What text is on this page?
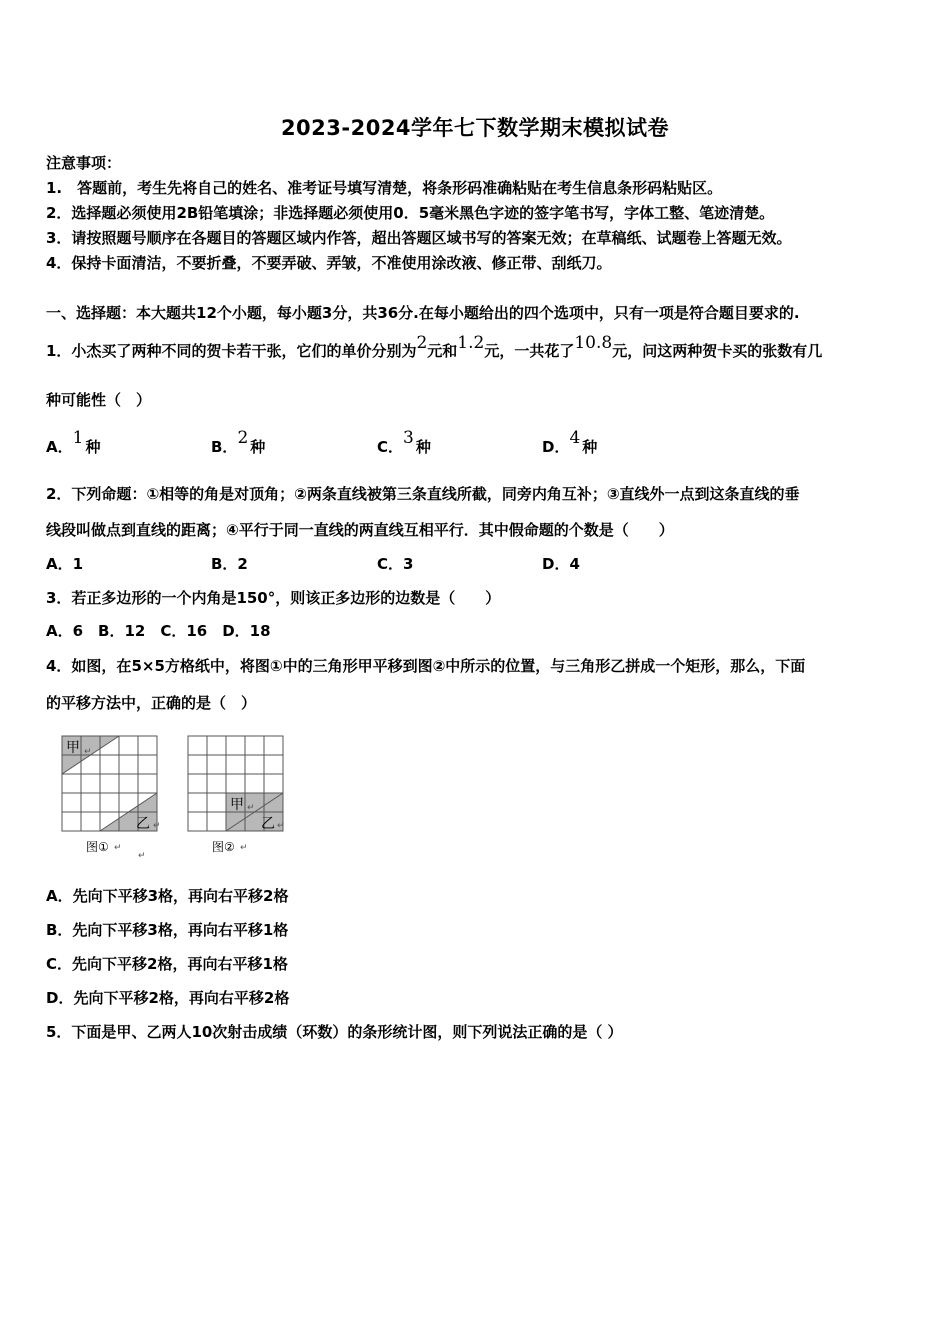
2023-2024学年七下数学期末模拟试卷
注意事项：
1.　答题前，考生先将自己的姓名、准考证号填写清楚，将条形码准确粘贴在考生信息条形码粘贴区。
2．选择题必须使用2B铅笔填涂；非选择题必须使用0．5毫米黑色字迹的签字笔书写，字体工整、笔迹清楚。
3．请按照题号顺序在各题目的答题区域内作答，超出答题区域书写的答案无效；在草稿纸、试题卷上答题无效。
4．保持卡面清洁，不要折叠，不要弄破、弄皱，不准使用涂改液、修正带、刮纸刀。
一、选择题：本大题共12个小题，每小题3分，共36分.在每小题给出的四个选项中，只有一项是符合题目要求的.
1．小杰买了两种不同的贺卡若干张，它们的单价分别为2元和1.2元，一共花了10.8元，问这两种贺卡买的张数有几
种可能性（　）
A．1 种	B．2 种	C．3 种	D．4 种
2．下列命题：①相等的角是对顶角；②两条直线被第三条直线所截，同旁内角互补；③直线外一点到这条直线的垂
线段叫做点到直线的距离；④平行于同一直线的两直线互相平行．其中假命题的个数是（　　）
A．1	B．2	C．3	D．4
3．若正多边形的一个内角是150°，则该正多边形的边数是（　　）
A．6　B．12　C．16　D．18
4．如图，在5×5方格纸中，将图①中的三角形甲平移到图②中所示的位置，与三角形乙拼成一个矩形，那么，下面
的平移方法中，正确的是（　）
甲 ↵
乙 ↵
图① ↵
↵
甲 ↵
乙 ↵
图② ↵
A．先向下平移3格，再向右平移2格
B．先向下平移3格，再向右平移1格
C．先向下平移2格，再向右平移1格
D．先向下平移2格，再向右平移2格
5．下面是甲、乙两人10次射击成绩（环数）的条形统计图，则下列说法正确的是（ ）
